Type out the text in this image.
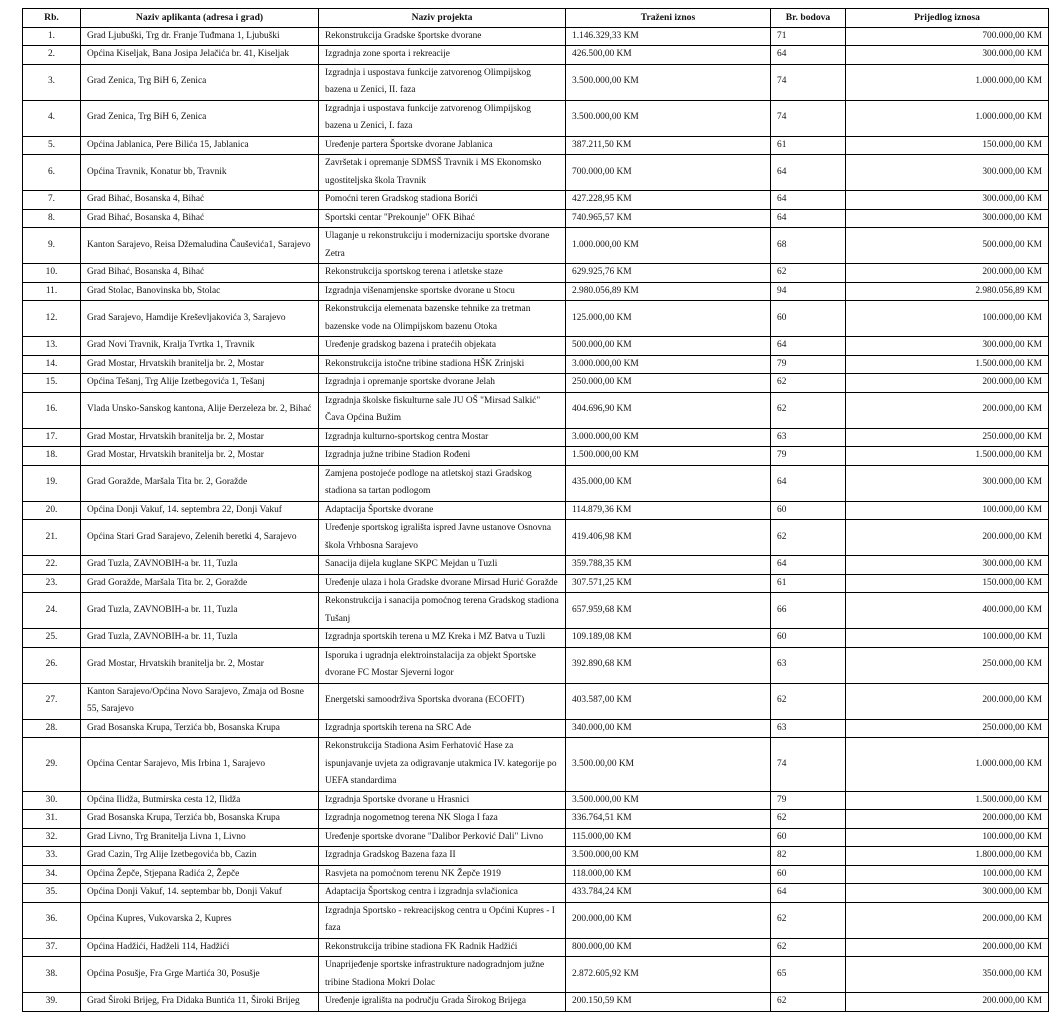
Rb.	Naziv aplikanta (adresa i grad)	Naziv projekta	Traženi iznos	Br. bodova	Prijedlog iznosa
1.	Grad Ljubuški, Trg dr. Franje Tuđmana 1, Ljubuški	Rekonstrukcija Gradske športske dvorane	1.146.329,33 KM	71	700.000,00 KM
2.	Općina Kiseljak, Bana Josipa Jelačića br. 41, Kiseljak	Izgradnja zone sporta i rekreacije	426.500,00 KM	64	300.000,00 KM
3.	Grad Zenica, Trg BiH 6, Zenica	Izgradnja i uspostava funkcije zatvorenog Olimpijskog bazena u Zenici, II. faza	3.500.000,00 KM	74	1.000.000,00 KM
4.	Grad Zenica, Trg BiH 6, Zenica	Izgradnja i uspostava funkcije zatvorenog Olimpijskog bazena u Zenici, I. faza	3.500.000,00 KM	74	1.000.000,00 KM
5.	Općina Jablanica, Pere Bilića 15, Jablanica	Uređenje partera Športske dvorane Jablanica	387.211,50 KM	61	150.000,00 KM
6.	Općina Travnik, Konatur bb, Travnik	Završetak i opremanje SDMSŠ Travnik i MS Ekonomsko ugostiteljska škola Travnik	700.000,00 KM	64	300.000,00 KM
7.	Grad Bihać, Bosanska 4, Bihać	Pomoćni teren Gradskog stadiona Borići	427.228,95 KM	64	300.000,00 KM
8.	Grad Bihać, Bosanska 4, Bihać	Sportski centar "Prekounje" OFK Bihać	740.965,57 KM	64	300.000,00 KM
9.	Kanton Sarajevo, Reisa Džemaludina Čauševića1, Sarajevo	Ulaganje u rekonstrukciju i modernizaciju sportske dvorane Zetra	1.000.000,00 KM	68	500.000,00 KM
10.	Grad Bihać, Bosanska 4, Bihać	Rekonstrukcija sportskog terena i atletske staze	629.925,76 KM	62	200.000,00 KM
11.	Grad Stolac, Banovinska bb, Stolac	Izgradnja višenamjenske sportske dvorane u Stocu	2.980.056,89 KM	94	2.980.056,89 KM
12.	Grad Sarajevo, Hamdije Kreševljakovića 3, Sarajevo	Rekonstrukcija elemenata bazenske tehnike za tretman bazenske vode na Olimpijskom bazenu Otoka	125.000,00 KM	60	100.000,00 KM
13.	Grad Novi Travnik, Kralja Tvrtka 1, Travnik	Uređenje gradskog bazena i pratećih objekata	500.000,00 KM	64	300.000,00 KM
14.	Grad Mostar, Hrvatskih branitelja br. 2, Mostar	Rekonstrukcija istočne tribine stadiona HŠK Zrinjski	3.000.000,00 KM	79	1.500.000,00 KM
15.	Općina Tešanj, Trg Alije Izetbegovića 1, Tešanj	Izgradnja i opremanje sportske dvorane Jelah	250.000,00 KM	62	200.000,00 KM
16.	Vlada Unsko-Sanskog kantona, Alije Đerzeleza br. 2, Bihać	Izgradnja školske fiskulturne sale JU OŠ "Mirsad Salkić" Čava Općina Bužim	404.696,90 KM	62	200.000,00 KM
17.	Grad Mostar, Hrvatskih branitelja br. 2, Mostar	Izgradnja kulturno-sportskog centra Mostar	3.000.000,00 KM	63	250.000,00 KM
18.	Grad Mostar, Hrvatskih branitelja br. 2, Mostar	Izgradnja južne tribine Stadion Rođeni	1.500.000,00 KM	79	1.500.000,00 KM
19.	Grad Goražde, Maršala Tita br. 2, Goražde	Zamjena postojeće podloge na atletskoj stazi Gradskog stadiona sa tartan podlogom	435.000,00 KM	64	300.000,00 KM
20.	Općina Donji Vakuf, 14. septembra 22, Donji Vakuf	Adaptacija Športske dvorane	114.879,36 KM	60	100.000,00 KM
21.	Općina Stari Grad Sarajevo, Zelenih beretki 4, Sarajevo	Uređenje sportskog igrališta ispred Javne ustanove Osnovna škola Vrhbosna Sarajevo	419.406,98 KM	62	200.000,00 KM
22.	Grad Tuzla, ZAVNOBIH-a br. 11, Tuzla	Sanacija dijela kuglane SKPC Mejdan u Tuzli	359.788,35 KM	64	300.000,00 KM
23.	Grad Goražde, Maršala Tita br. 2, Goražde	Uređenje ulaza i hola Gradske dvorane Mirsad Hurić Goražde	307.571,25 KM	61	150.000,00 KM
24.	Grad Tuzla, ZAVNOBIH-a br. 11, Tuzla	Rekonstrukcija i sanacija pomoćnog terena Gradskog stadiona Tušanj	657.959,68 KM	66	400.000,00 KM
25.	Grad Tuzla, ZAVNOBIH-a br. 11, Tuzla	Izgradnja sportskih terena u MZ Kreka i MZ Batva u Tuzli	109.189,08 KM	60	100.000,00 KM
26.	Grad Mostar, Hrvatskih branitelja br. 2, Mostar	Isporuka i ugradnja elektroinstalacija za objekt Sportske dvorane FC Mostar Sjeverni logor	392.890,68 KM	63	250.000,00 KM
27.	Kanton Sarajevo/Općina Novo Sarajevo, Zmaja od Bosne 55, Sarajevo	Energetski samoodrživa Sportska dvorana (ECOFIT)	403.587,00 KM	62	200.000,00 KM
28.	Grad Bosanska Krupa, Terzića bb, Bosanska Krupa	Izgradnja sportskih terena na SRC Ade	340.000,00 KM	63	250.000,00 KM
29.	Općina Centar Sarajevo, Mis Irbina 1, Sarajevo	Rekonstrukcija Stadiona Asim Ferhatović Hase za ispunjavanje uvjeta za odigravanje utakmica IV. kategorije po UEFA standardima	3.500.00,00 KM	74	1.000.000,00 KM
30.	Općina Ilidža, Butmirska cesta 12, Ilidža	Izgradnja Sportske dvorane u Hrasnici	3.500.000,00 KM	79	1.500.000,00 KM
31.	Grad Bosanska Krupa, Terzića bb, Bosanska Krupa	Izgradnja nogometnog terena NK Sloga I faza	336.764,51 KM	62	200.000,00 KM
32.	Grad Livno, Trg Branitelja Livna 1, Livno	Uređenje sportske dvorane "Dalibor Perković Dali" Livno	115.000,00 KM	60	100.000,00 KM
33.	Grad Cazin, Trg Alije Izetbegovića bb, Cazin	Izgradnja Gradskog Bazena faza II	3.500.000,00 KM	82	1.800.000,00 KM
34.	Općina Žepče, Stjepana Radića 2, Žepče	Rasvjeta na pomoćnom terenu NK Žepče 1919	118.000,00 KM	60	100.000,00 KM
35.	Općina Donji Vakuf, 14. septembar bb, Donji Vakuf	Adaptacija Športskog centra i izgradnja svlačionica	433.784,24 KM	64	300.000,00 KM
36.	Općina Kupres, Vukovarska 2, Kupres	Izgradnja Sportsko - rekreacijskog centra u Općini Kupres - I faza	200.000,00 KM	62	200.000,00 KM
37.	Općina Hadžići, Hadželi 114, Hadžići	Rekonstrukcija tribine stadiona FK Radnik Hadžići	800.000,00 KM	62	200.000,00 KM
38.	Općina Posušje, Fra Grge Martića 30, Posušje	Unaprijeđenje sportske infrastrukture nadogradnjom južne tribine Stadiona Mokri Dolac	2.872.605,92 KM	65	350.000,00 KM
39.	Grad Široki Brijeg, Fra Didaka Buntića 11, Široki Brijeg	Uređenje igrališta na području Grada Širokog Brijega	200.150,59 KM	62	200.000,00 KM
